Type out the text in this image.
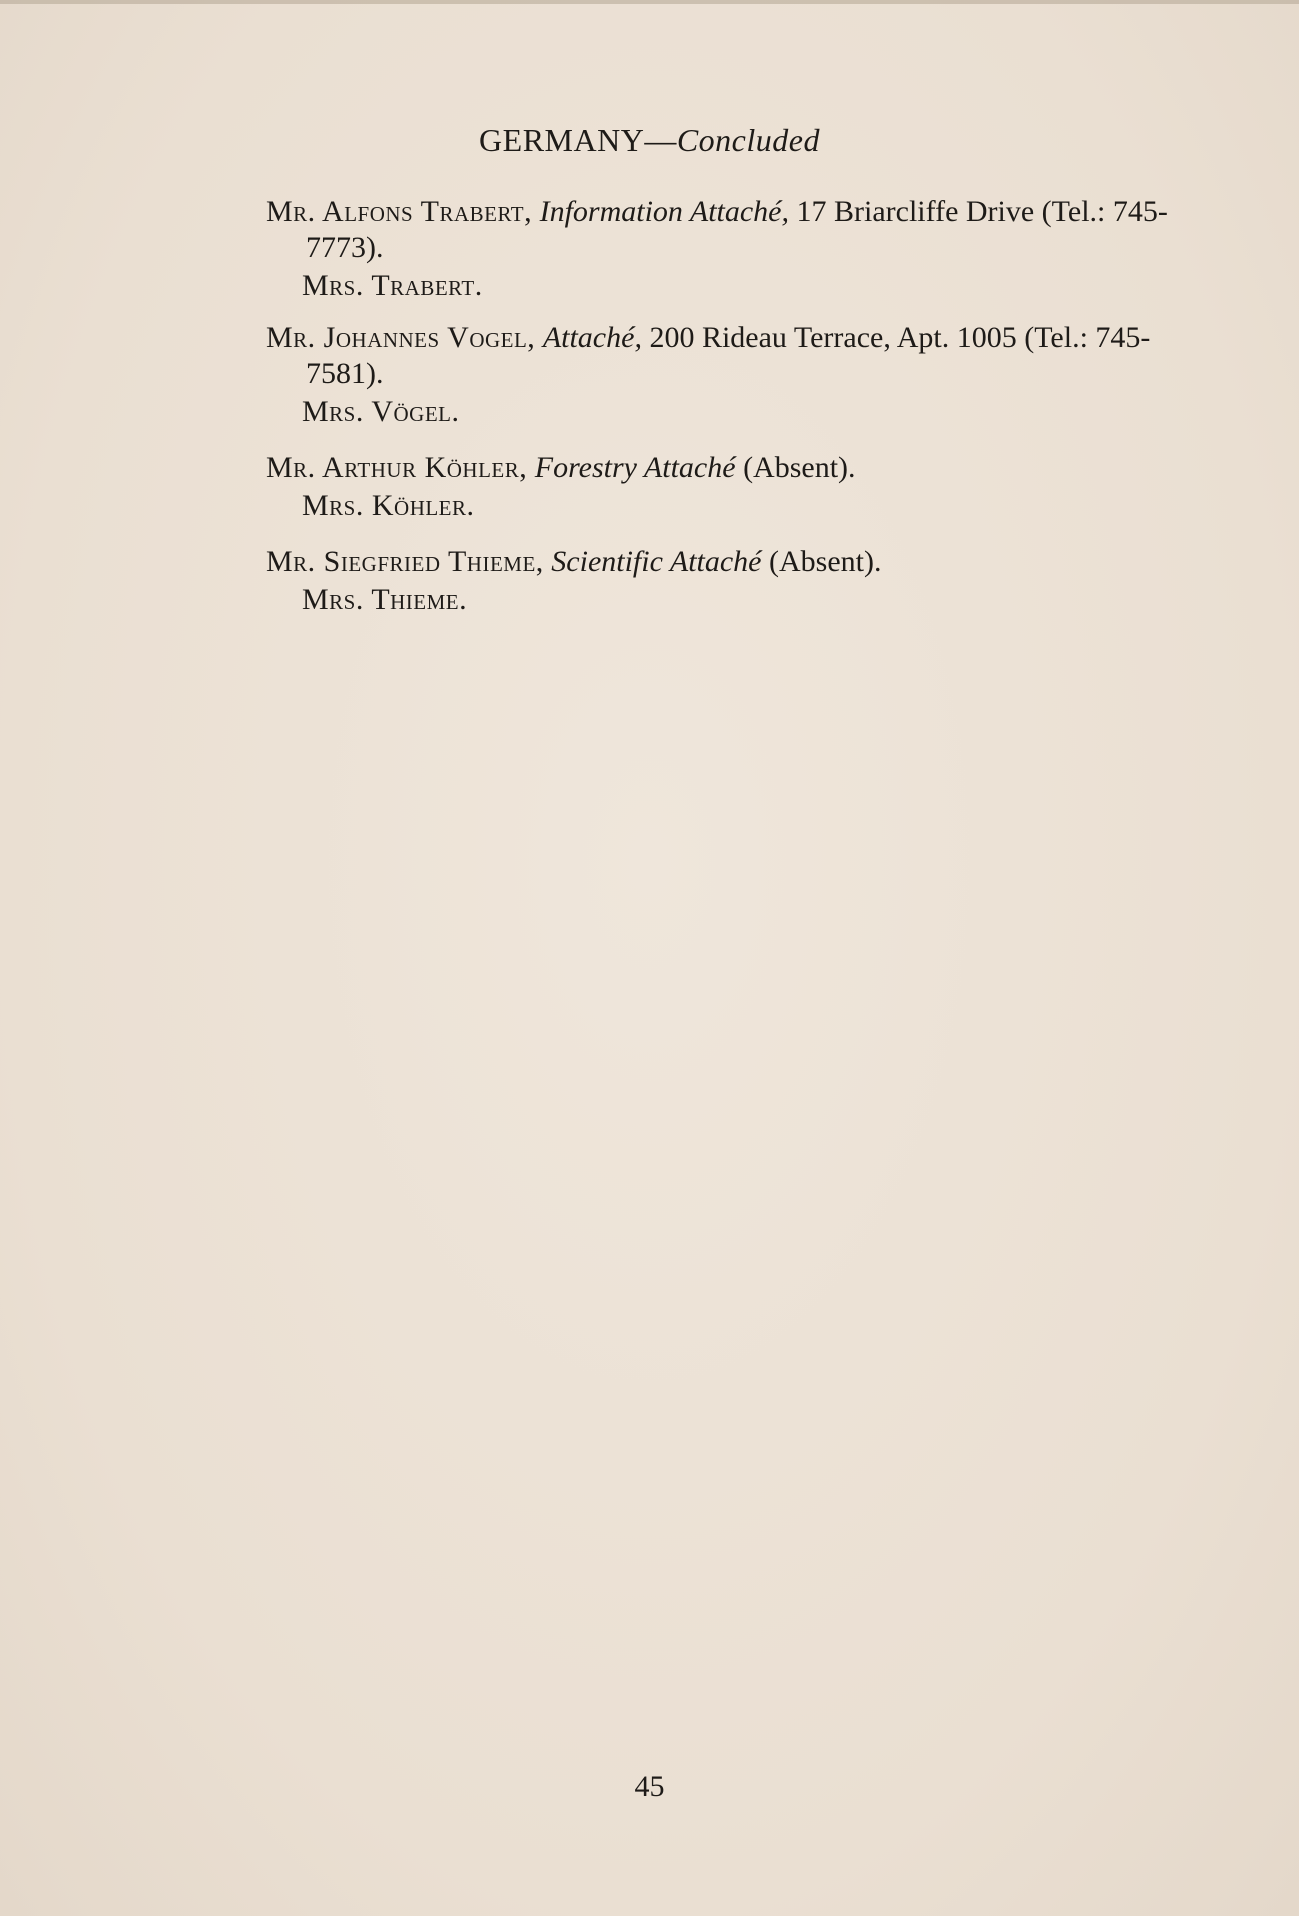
GERMANY—Concluded
Mr. Alfons Trabert, Information Attaché, 17 Briarcliffe Drive (Tel.: 745-7773).
Mrs. Trabert.
Mr. Johannes Vogel, Attaché, 200 Rideau Terrace, Apt. 1005 (Tel.: 745-7581).
Mrs. Vögel.
Mr. Arthur Köhler, Forestry Attaché (Absent).
Mrs. Köhler.
Mr. Siegfried Thieme, Scientific Attaché (Absent).
Mrs. Thieme.
45
